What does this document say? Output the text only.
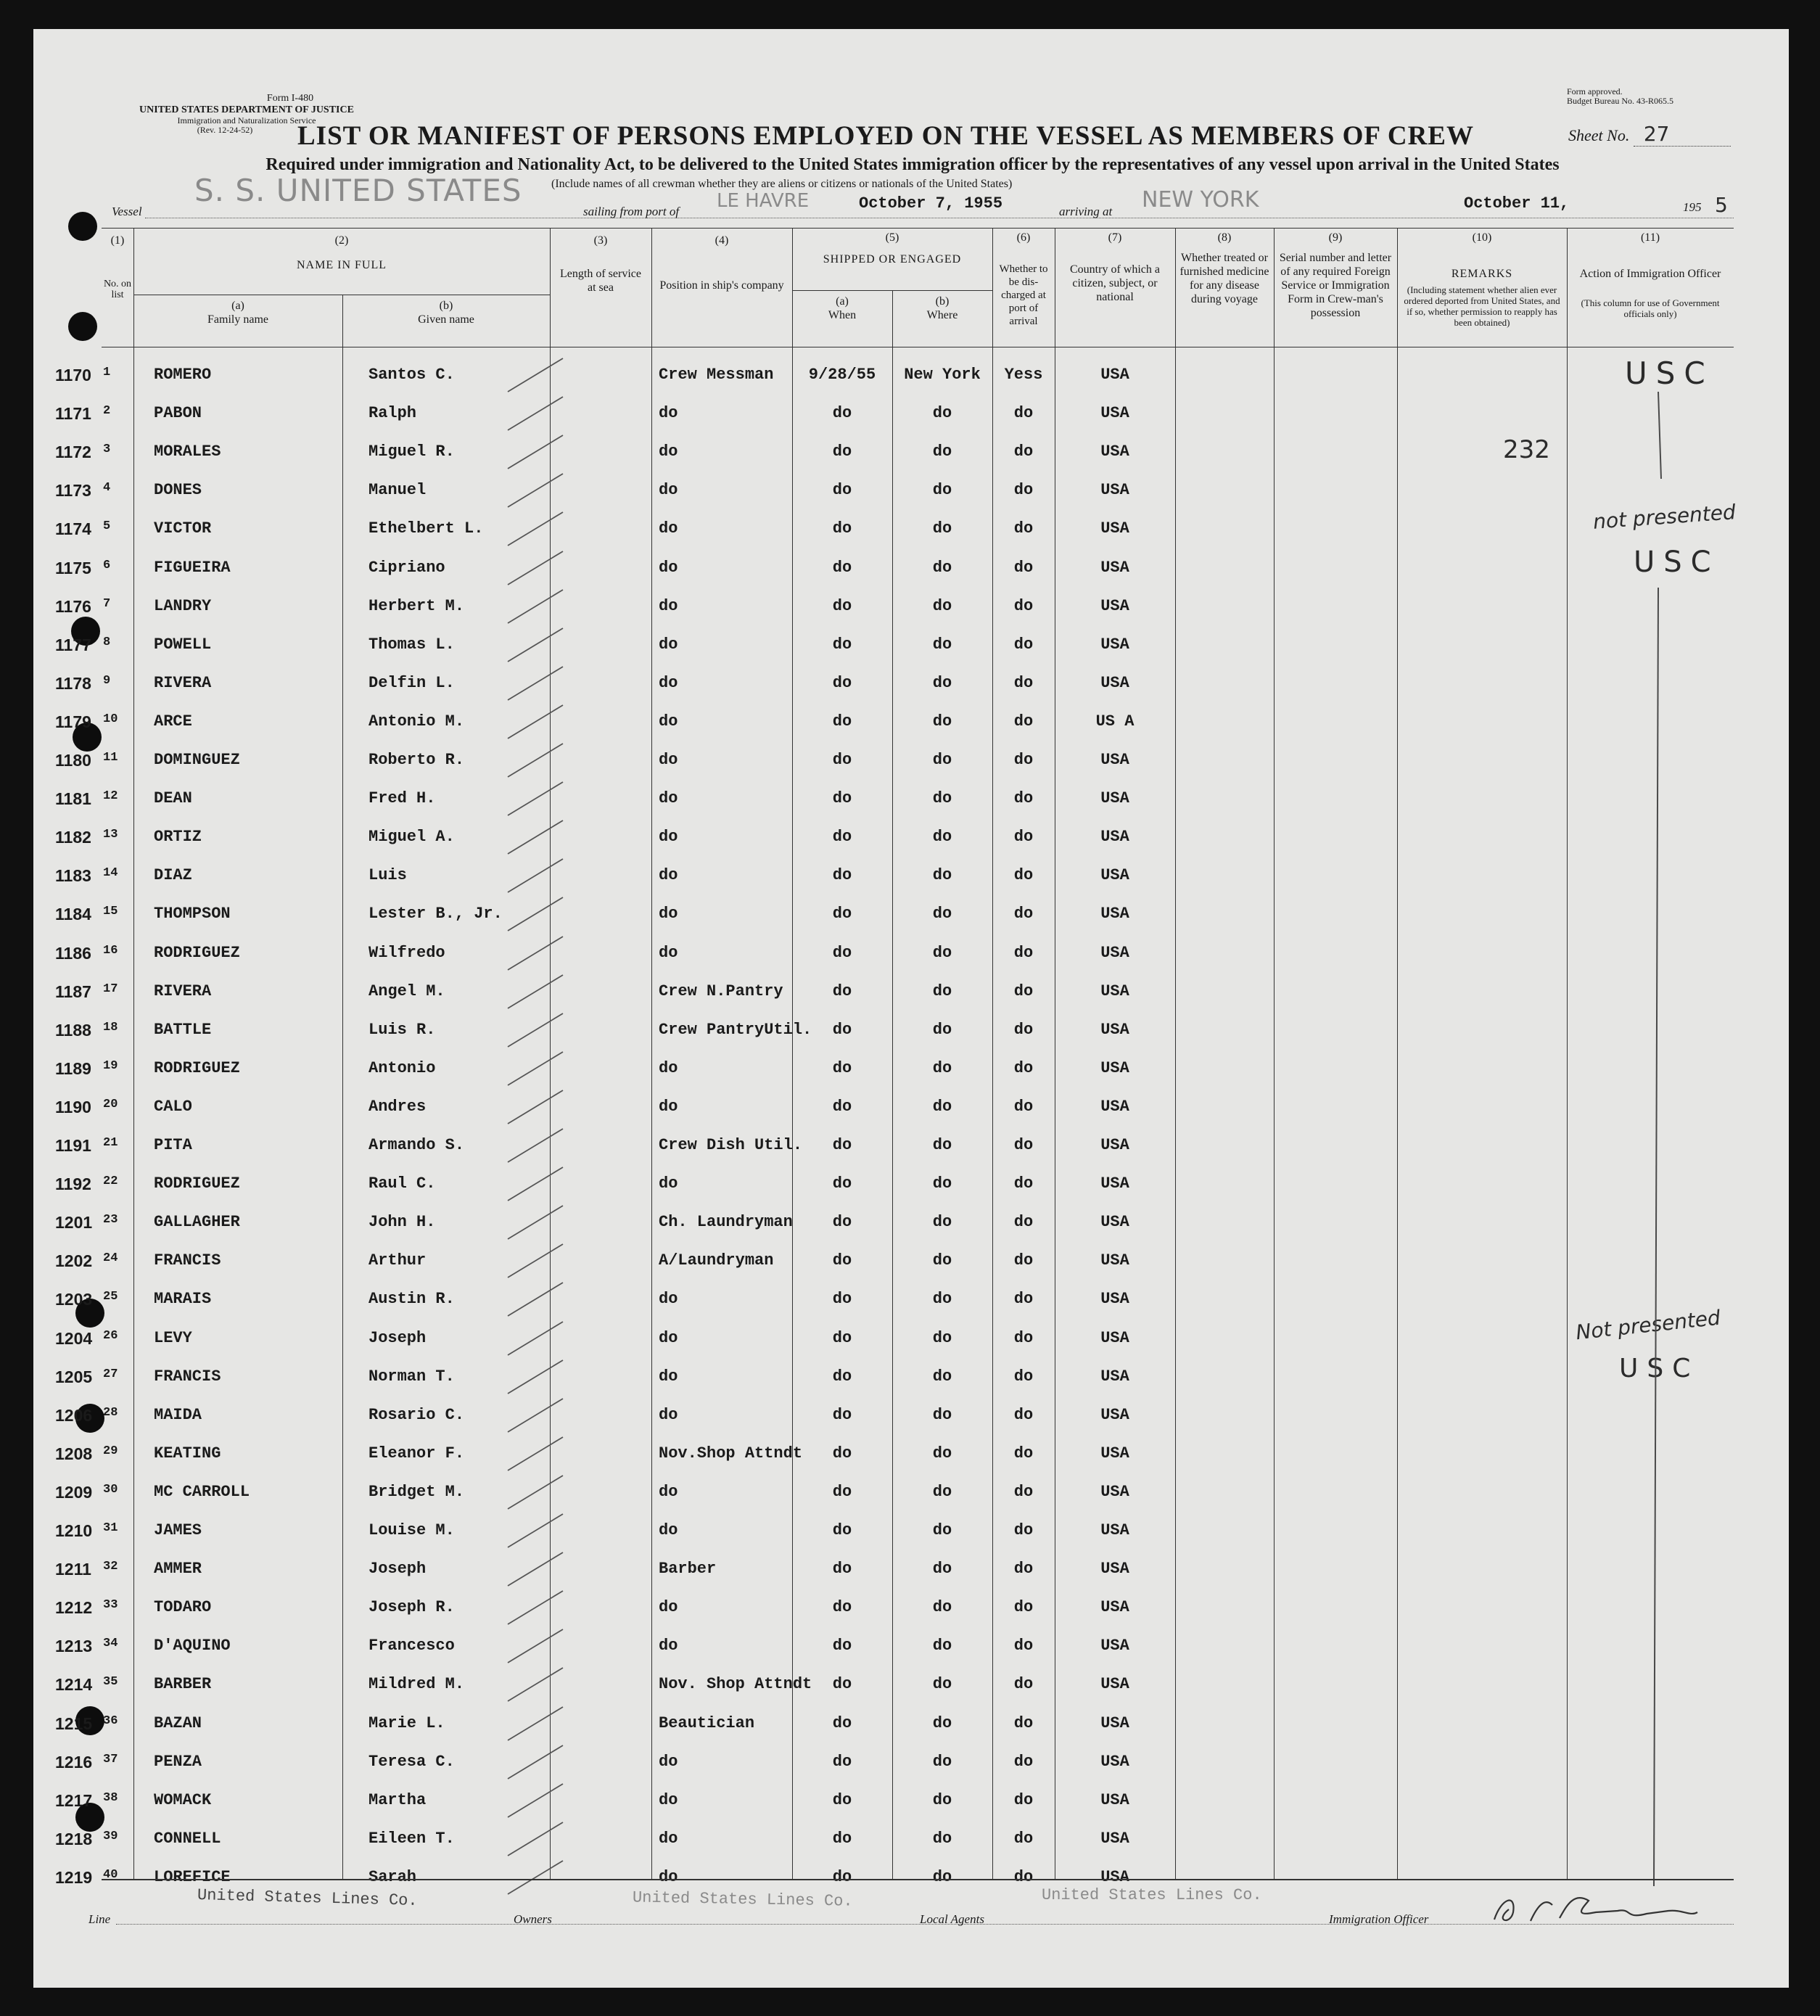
Form I-480
UNITED STATES DEPARTMENT OF JUSTICE
Immigration and Naturalization Service
(Rev. 12-24-52)
Form approved.
Budget Bureau No. 43-R065.5
Sheet No. 27
LIST OR MANIFEST OF PERSONS EMPLOYED ON THE VESSEL AS MEMBERS OF CREW
Required under immigration and Nationality Act, to be delivered to the United States immigration officer by the representatives of any vessel upon arrival in the United States
(Include names of all crewman whether they are aliens or citizens or nationals of the United States)
Vessel
S. S. UNITED STATES
sailing from port of LE HAVRE	October 7, 1955	arriving at NEW YORK	October 11,	195 5
(1)
No. on list
(2)
NAME IN FULL
(a)
Family name
(b)
Given name
(3)
Length of service at sea
(4)
Position in ship's company
(5)
SHIPPED OR ENGAGED
(a)
When
(b)
Where
(6)
Whether to be dis-charged at port of arrival
(7)
Country of which a citizen, subject, or national
(8)
Whether treated or furnished medicine for any disease during voyage
(9)
Serial number and letter of any required Foreign Service or Immigration Form in Crew-man's possession
(10)
REMARKS
(Including statement whether alien ever ordered deported from United States, and if so, whether permission to reapply has been obtained)
(11)
Action of Immigration Officer
(This column for use of Government officials only)
1170 1	ROMERO	Santos C.	Crew Messman	9/28/55	New York	Yess	USA
1171 2	PABON	Ralph	do	do	do	do	USA
1172 3	MORALES	Miguel R.	do	do	do	do	USA
1173 4	DONES	Manuel	do	do	do	do	USA
1174 5	VICTOR	Ethelbert L.	do	do	do	do	USA
1175 6	FIGUEIRA	Cipriano	do	do	do	do	USA
1176 7	LANDRY	Herbert M.	do	do	do	do	USA
1177 8	POWELL	Thomas L.	do	do	do	do	USA
1178 9	RIVERA	Delfin L.	do	do	do	do	USA
1179 10	ARCE	Antonio M.	do	do	do	do	US A
1180 11	DOMINGUEZ	Roberto R.	do	do	do	do	USA
1181 12	DEAN	Fred H.	do	do	do	do	USA
1182 13	ORTIZ	Miguel A.	do	do	do	do	USA
1183 14	DIAZ	Luis	do	do	do	do	USA
1184 15	THOMPSON	Lester B., Jr.	do	do	do	do	USA
1186 16	RODRIGUEZ	Wilfredo	do	do	do	do	USA
1187 17	RIVERA	Angel M.	Crew N.Pantry	do	do	do	USA
1188 18	BATTLE	Luis R.	Crew PantryUtil.	do	do	do	USA
1189 19	RODRIGUEZ	Antonio	do	do	do	do	USA
1190 20	CALO	Andres	do	do	do	do	USA
1191 21	PITA	Armando S.	Crew Dish Util.	do	do	do	USA
1192 22	RODRIGUEZ	Raul C.	do	do	do	do	USA
1201 23	GALLAGHER	John H.	Ch. Laundryman	do	do	do	USA
1202 24	FRANCIS	Arthur	A/Laundryman	do	do	do	USA
1203 25	MARAIS	Austin R.	do	do	do	do	USA
1204 26	LEVY	Joseph	do	do	do	do	USA
1205 27	FRANCIS	Norman T.	do	do	do	do	USA
1206 28	MAIDA	Rosario C.	do	do	do	do	USA
1208 29	KEATING	Eleanor F.	Nov.Shop Attndt	do	do	do	USA
1209 30	MC CARROLL	Bridget M.	do	do	do	do	USA
1210 31	JAMES	Louise M.	do	do	do	do	USA
1211 32	AMMER	Joseph	Barber	do	do	do	USA
1212 33	TODARO	Joseph R.	do	do	do	do	USA
1213 34	D'AQUINO	Francesco	do	do	do	do	USA
1214 35	BARBER	Mildred M.	Nov. Shop Attndt	do	do	do	USA
1215 36	BAZAN	Marie L.	Beautician	do	do	do	USA
1216 37	PENZA	Teresa C.	do	do	do	do	USA
1217 38	WOMACK	Martha	do	do	do	do	USA
1218 39	CONNELL	Eileen T.	do	do	do	do	USA
1219 40	LOREFICE	Sarah	do	do	do	do	USA
232
USC
not presented
USC
Not presented
USC
Line
United States Lines Co.
Owners
United States Lines Co.
Local Agents
United States Lines Co.
Immigration Officer
